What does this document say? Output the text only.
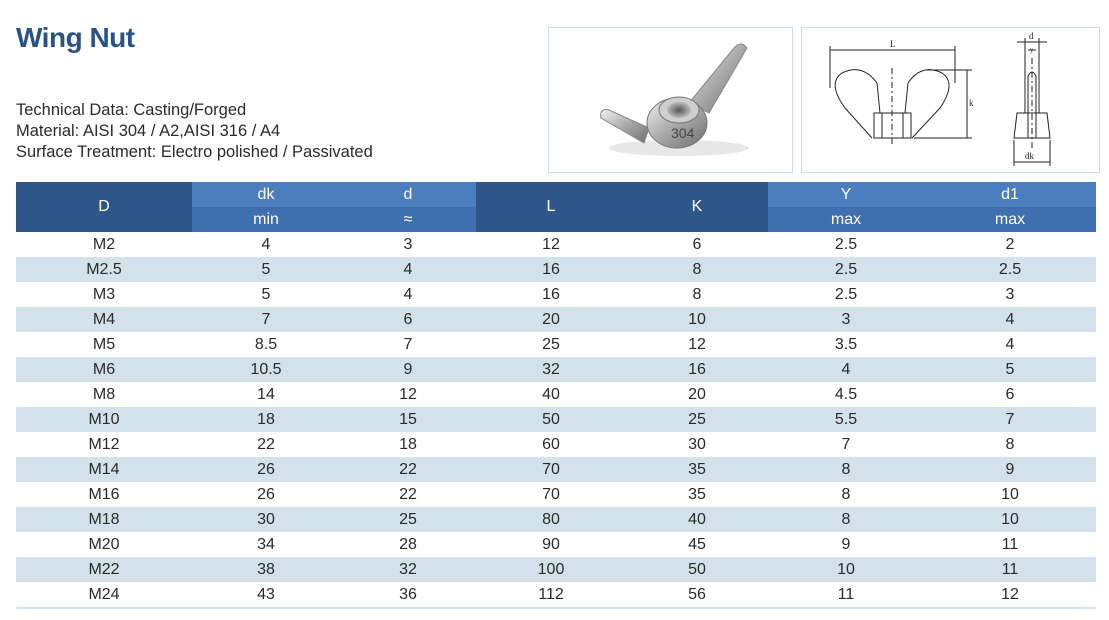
Wing Nut
Technical Data: Casting/Forged
Material: AISI 304 / A2,AISI 316 / A4
Surface Treatment: Electro polished / Passivated
304
L
k
d
y
dk
D	dk	d	L	K	Y	d1
	min	≈			max	max
M2	4	3	12	6	2.5	2
M2.5	5	4	16	8	2.5	2.5
M3	5	4	16	8	2.5	3
M4	7	6	20	10	3	4
M5	8.5	7	25	12	3.5	4
M6	10.5	9	32	16	4	5
M8	14	12	40	20	4.5	6
M10	18	15	50	25	5.5	7
M12	22	18	60	30	7	8
M14	26	22	70	35	8	9
M16	26	22	70	35	8	10
M18	30	25	80	40	8	10
M20	34	28	90	45	9	11
M22	38	32	100	50	10	11
M24	43	36	112	56	11	12
